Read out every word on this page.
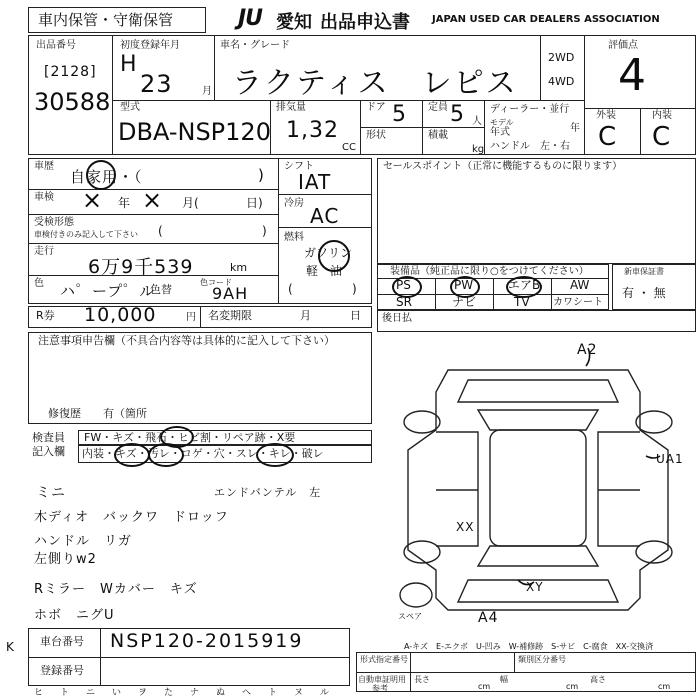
車内保管・守衛保管	JU 愛知 出品申込書 JAPAN USED CAR DEALERS ASSOCIATION
出品番号
[2128]
30588
初度登録年月
H
23	月
車名・グレード
ラクティス　レピス
2WD
4WD
評価点
4
型式
DBA-NSP120
排気量
1,32
CC
ドア 5 定員 5 人
形状	積載
kg
ディーラー・並行
モデル
年式	年
ハンドル　左・右
外装	内装
C C
車歴
自家用・（	)
車検 × 年 × 月(	日)
受検形態
車検付きのみ記入して下さい (	)
走行
6万9千539	km
色 ハ゜ープ゜ル
色替
色コード
9AH
シフト
IAT
冷房
AC
燃料
ガソリン
軽　油
(	)
セールスポイント（正常に機能するものに限ります）
装備品（純正品に限り○をつけてください）
PS	PW	エアB AW
SR	ナビ	TV カワシート
新車保証書
有 ・ 無
R券 10,000	円 名変期限	月	日 後日払
注意事項申告欄（不具合内容等は具体的に記入して下さい）
修復歴　　有（箇所
検査員
記入欄
FW・キズ・飛石・ヒビ割・リペア跡・X要
内装・キズ・汚レ・コゲ・穴・スレ・キレ・破レ
ミニ
木ディオ　バックワ　ドロッフ
ハンドル　リガ
左側りw2
Rミラー　Wカバー　キズ
ホボ　ニグU
エンドバンテル　左
A2
UA1
XX
XY
A4
スペア
A-キズ　E-エクボ　U-凹み　W-補修跡　S-サビ　C-腐食　XX-交換済
車台番号 NSP120-2015919
登録番号
形式指定番号	類別区分番号
自動車証明用
参考
長さ
cm
幅
cm
高さ
cm
ヒ ト ニ い ヲ た ナ ぬ へ ト ヌ ル
K
